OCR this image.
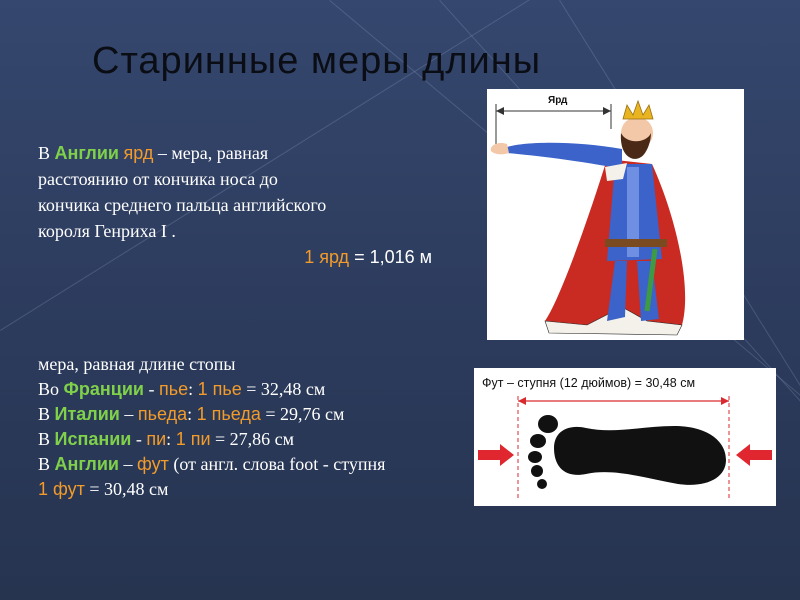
Старинные меры длины
В Англии ярд – мера, равная
расстоянию от кончика носа до
кончика среднего пальца английского
короля Генриха I .
1 ярд = 1,016 м
мера, равная длине стопы
Во Франции - пье: 1 пье = 32,48 см
В Италии – пьеда: 1 пьеда = 29,76 см
В Испании - пи: 1 пи = 27,86 см
В Англии – фут (от англ. слова foot - ступня
1 фут = 30,48 см
Ярд
Фут – ступня (12 дюймов) = 30,48 см
